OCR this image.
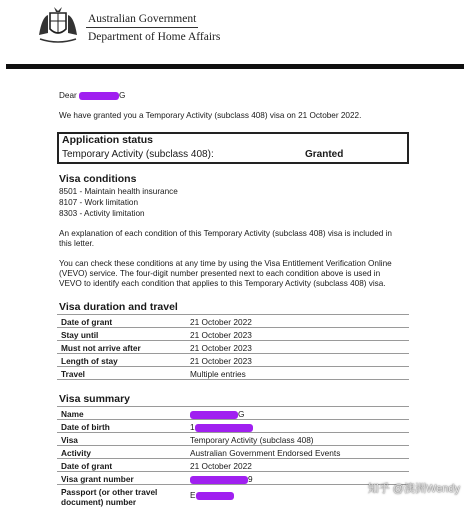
Australian Government
Department of Home Affairs
Dear	G
We have granted you a Temporary Activity (subclass 408) visa on 21 October 2022.
Application status
Temporary Activity (subclass 408):	Granted
Visa conditions
8501 - Maintain health insurance
8107 - Work limitation
8303 - Activity limitation
An explanation of each condition of this Temporary Activity (subclass 408) visa is included in
this letter.
You can check these conditions at any time by using the Visa Entitlement Verification Online
(VEVO) service. The four-digit number presented next to each condition above is used in
VEVO to identify each condition that applies to this Temporary Activity (subclass 408) visa.
Visa duration and travel
Date of grant	21 October 2022
Stay until	21 October 2023
Must not arrive after	21 October 2023
Length of stay	21 October 2023
Travel	Multiple entries
Visa summary
Name	G
Date of birth	1
Visa	Temporary Activity (subclass 408)
Activity	Australian Government Endorsed Events
Date of grant	21 October 2022
Visa grant number	9
Passport (or other travel
document) number
E	知乎 @澳洲Wendy
